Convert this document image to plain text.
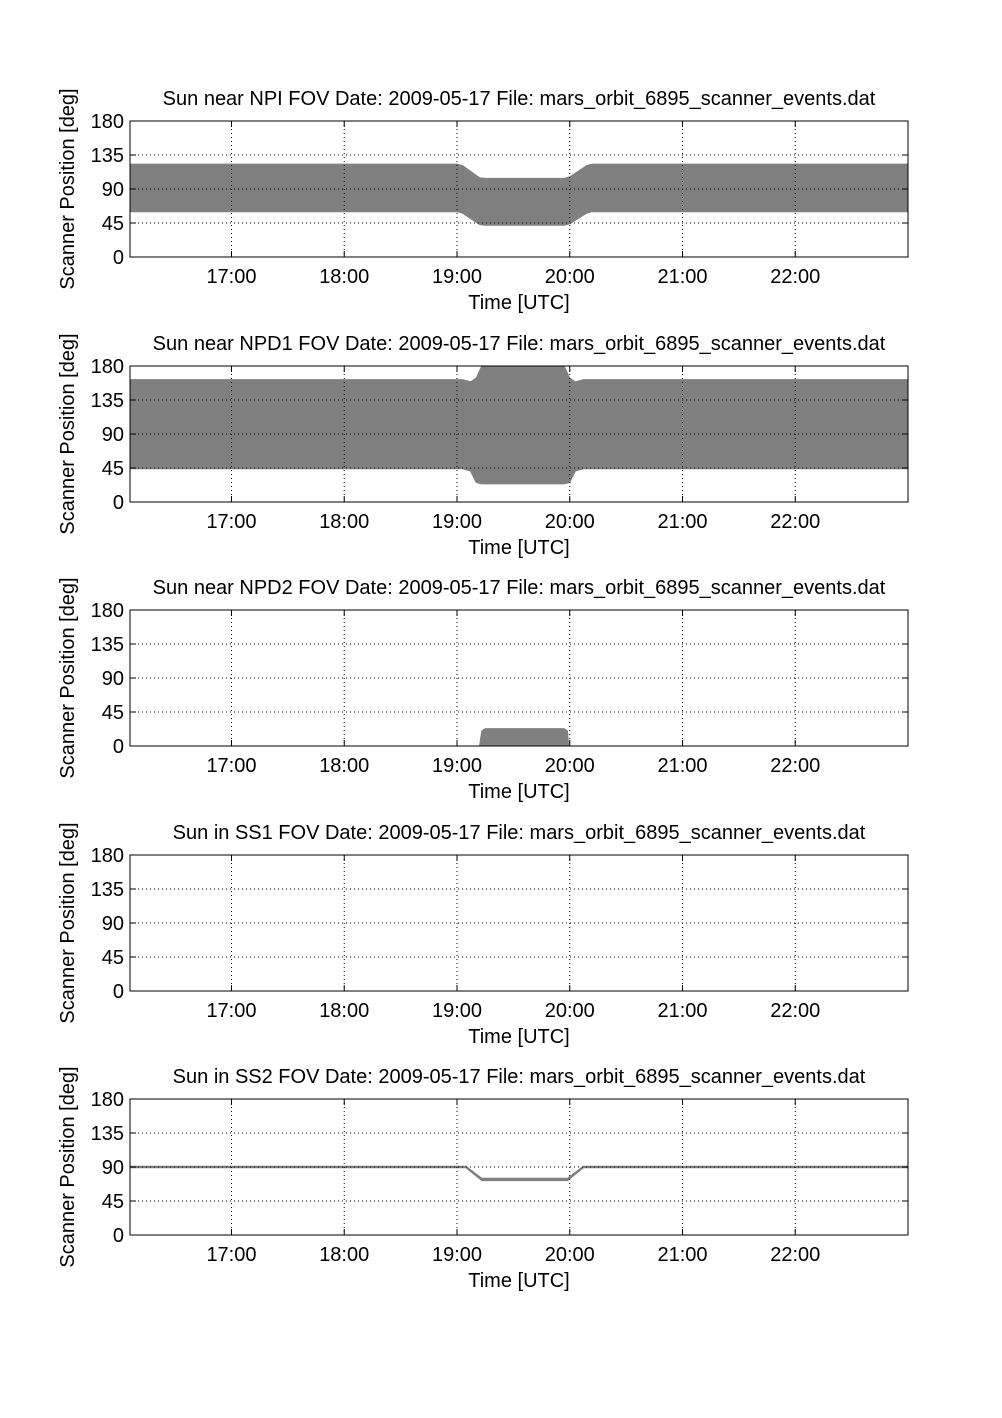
17:00	18:00	19:00	20:00	21:00	22:00
0
45
90
135
180
Sun near NPI FOV Date: 2009-05-17 File: mars_orbit_6895_scanner_events.dat
Time [UTC]
Scanner Position [deg]
17:00	18:00	19:00	20:00	21:00	22:00
0
45
90
135
180
Sun near NPD1 FOV Date: 2009-05-17 File: mars_orbit_6895_scanner_events.dat
Time [UTC]
Scanner Position [deg]
17:00	18:00	19:00	20:00	21:00	22:00
0
45
90
135
180
Sun near NPD2 FOV Date: 2009-05-17 File: mars_orbit_6895_scanner_events.dat
Time [UTC]
Scanner Position [deg]
17:00	18:00	19:00	20:00	21:00	22:00
0
45
90
135
180
Sun in SS1 FOV Date: 2009-05-17 File: mars_orbit_6895_scanner_events.dat
Time [UTC]
Scanner Position [deg]
17:00	18:00	19:00	20:00	21:00	22:00
0
45
90
135
180
Sun in SS2 FOV Date: 2009-05-17 File: mars_orbit_6895_scanner_events.dat
Time [UTC]
Scanner Position [deg]
